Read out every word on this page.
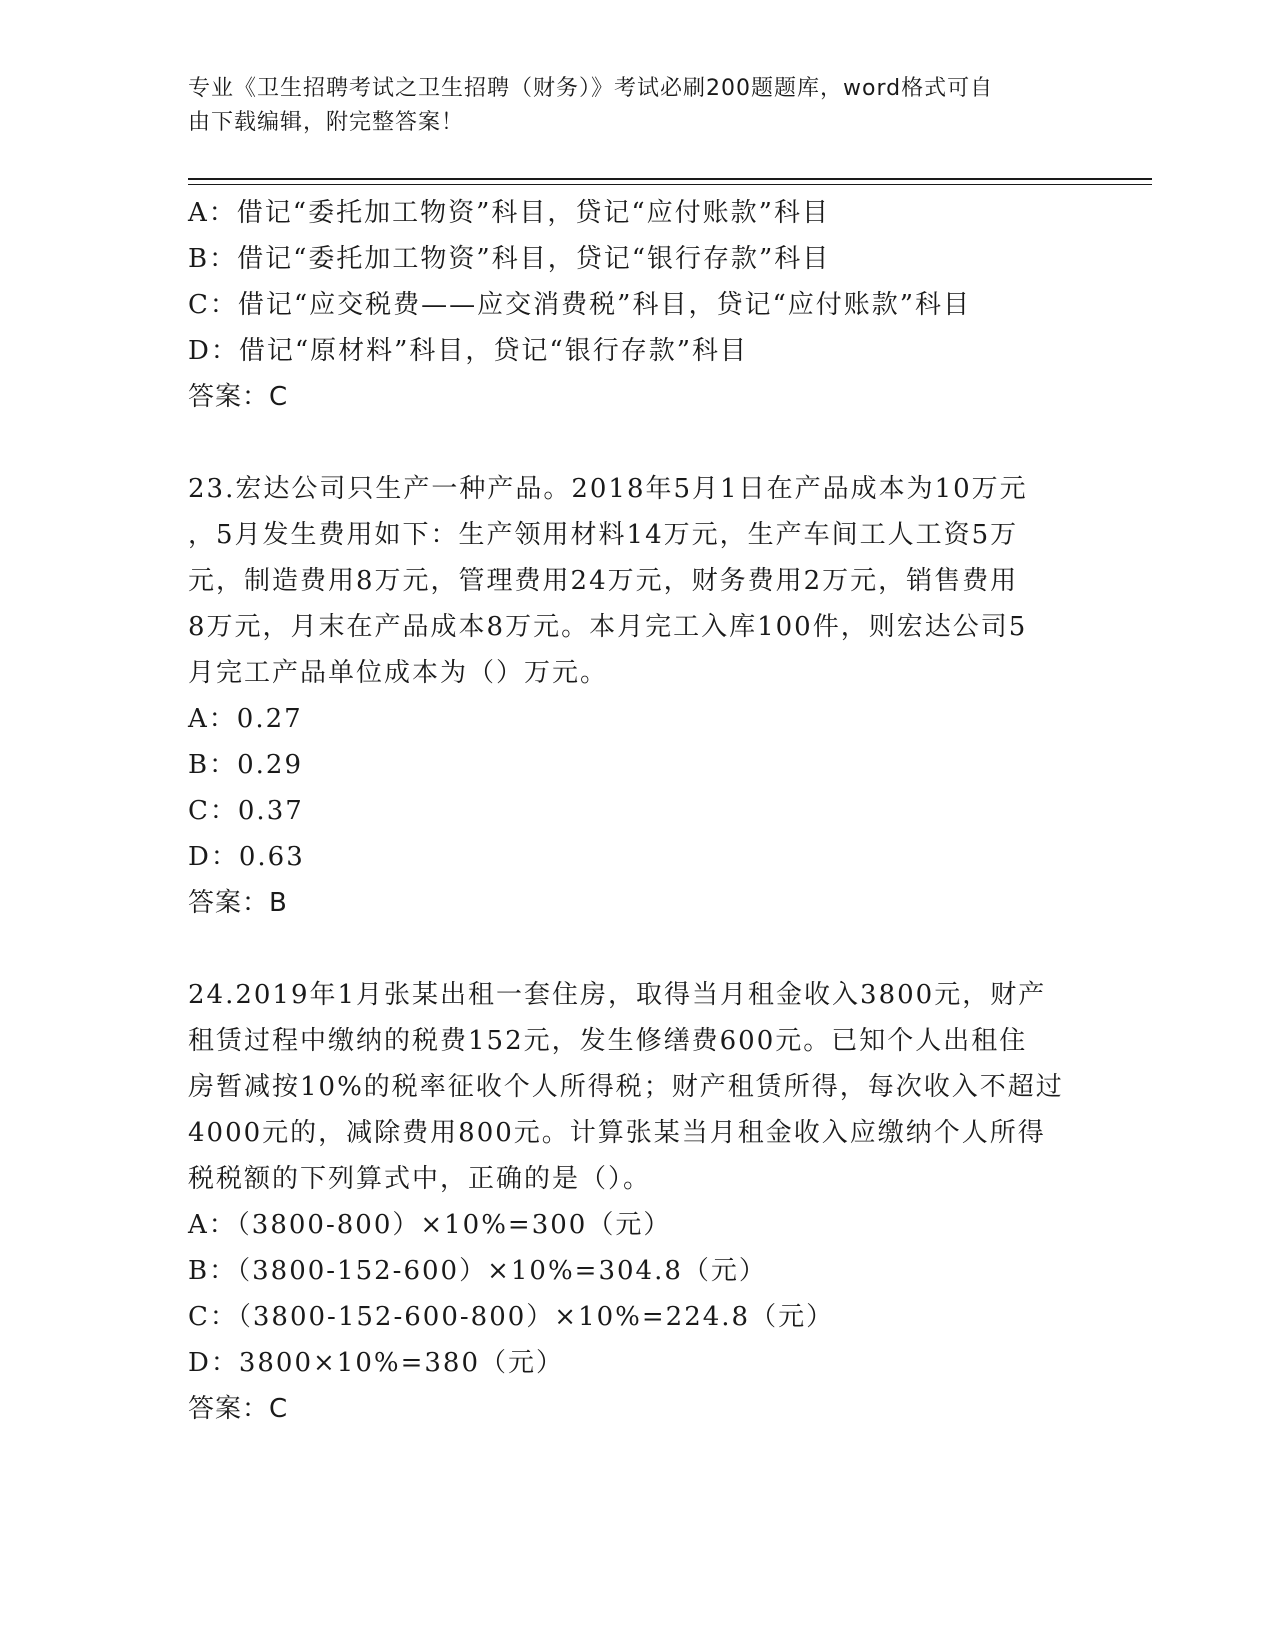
专业《卫生招聘考试之卫生招聘（财务）》考试必刷200题题库，word格式可自
由下载编辑，附完整答案！
A：借记“委托加工物资”科目，贷记“应付账款”科目
B：借记“委托加工物资”科目，贷记“银行存款”科目
C：借记“应交税费——应交消费税”科目，贷记“应付账款”科目
D：借记“原材料”科目，贷记“银行存款”科目
答案：C
23.宏达公司只生产一种产品。2018年5月1日在产品成本为10万元
，5月发生费用如下：生产领用材料14万元，生产车间工人工资5万
元，制造费用8万元，管理费用24万元，财务费用2万元，销售费用
8万元，月末在产品成本8万元。本月完工入库100件，则宏达公司5
月完工产品单位成本为（）万元。
A：0.27
B：0.29
C：0.37
D：0.63
答案：B
24.2019年1月张某出租一套住房，取得当月租金收入3800元，财产
租赁过程中缴纳的税费152元，发生修缮费600元。已知个人出租住
房暂减按10%的税率征收个人所得税；财产租赁所得，每次收入不超过
4000元的，减除费用800元。计算张某当月租金收入应缴纳个人所得
税税额的下列算式中，正确的是（）。
A：（3800-800）×10%=300（元）
B：（3800-152-600）×10%=304.8（元）
C：（3800-152-600-800）×10%=224.8（元）
D：3800×10%=380（元）
答案：C
